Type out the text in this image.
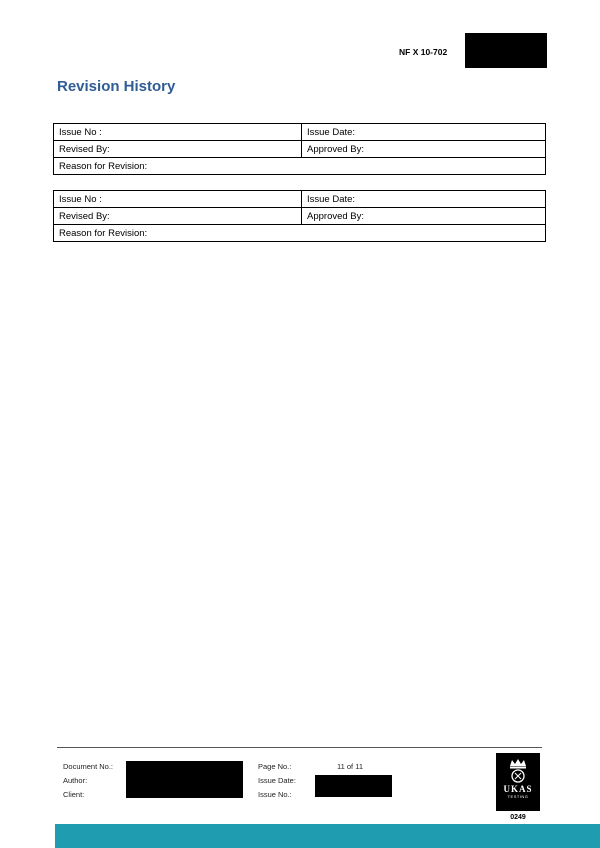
NF X 10-702
Revision History
Issue No :	Issue Date:
Revised By:	Approved By:
Reason for Revision:	
Issue No :	Issue Date:
Revised By:	Approved By:
Reason for Revision:	
Document No.:
Author:
Client:
Page No.:	11 of 11
Issue Date:
Issue No.:
UKAS
TESTING
0249
